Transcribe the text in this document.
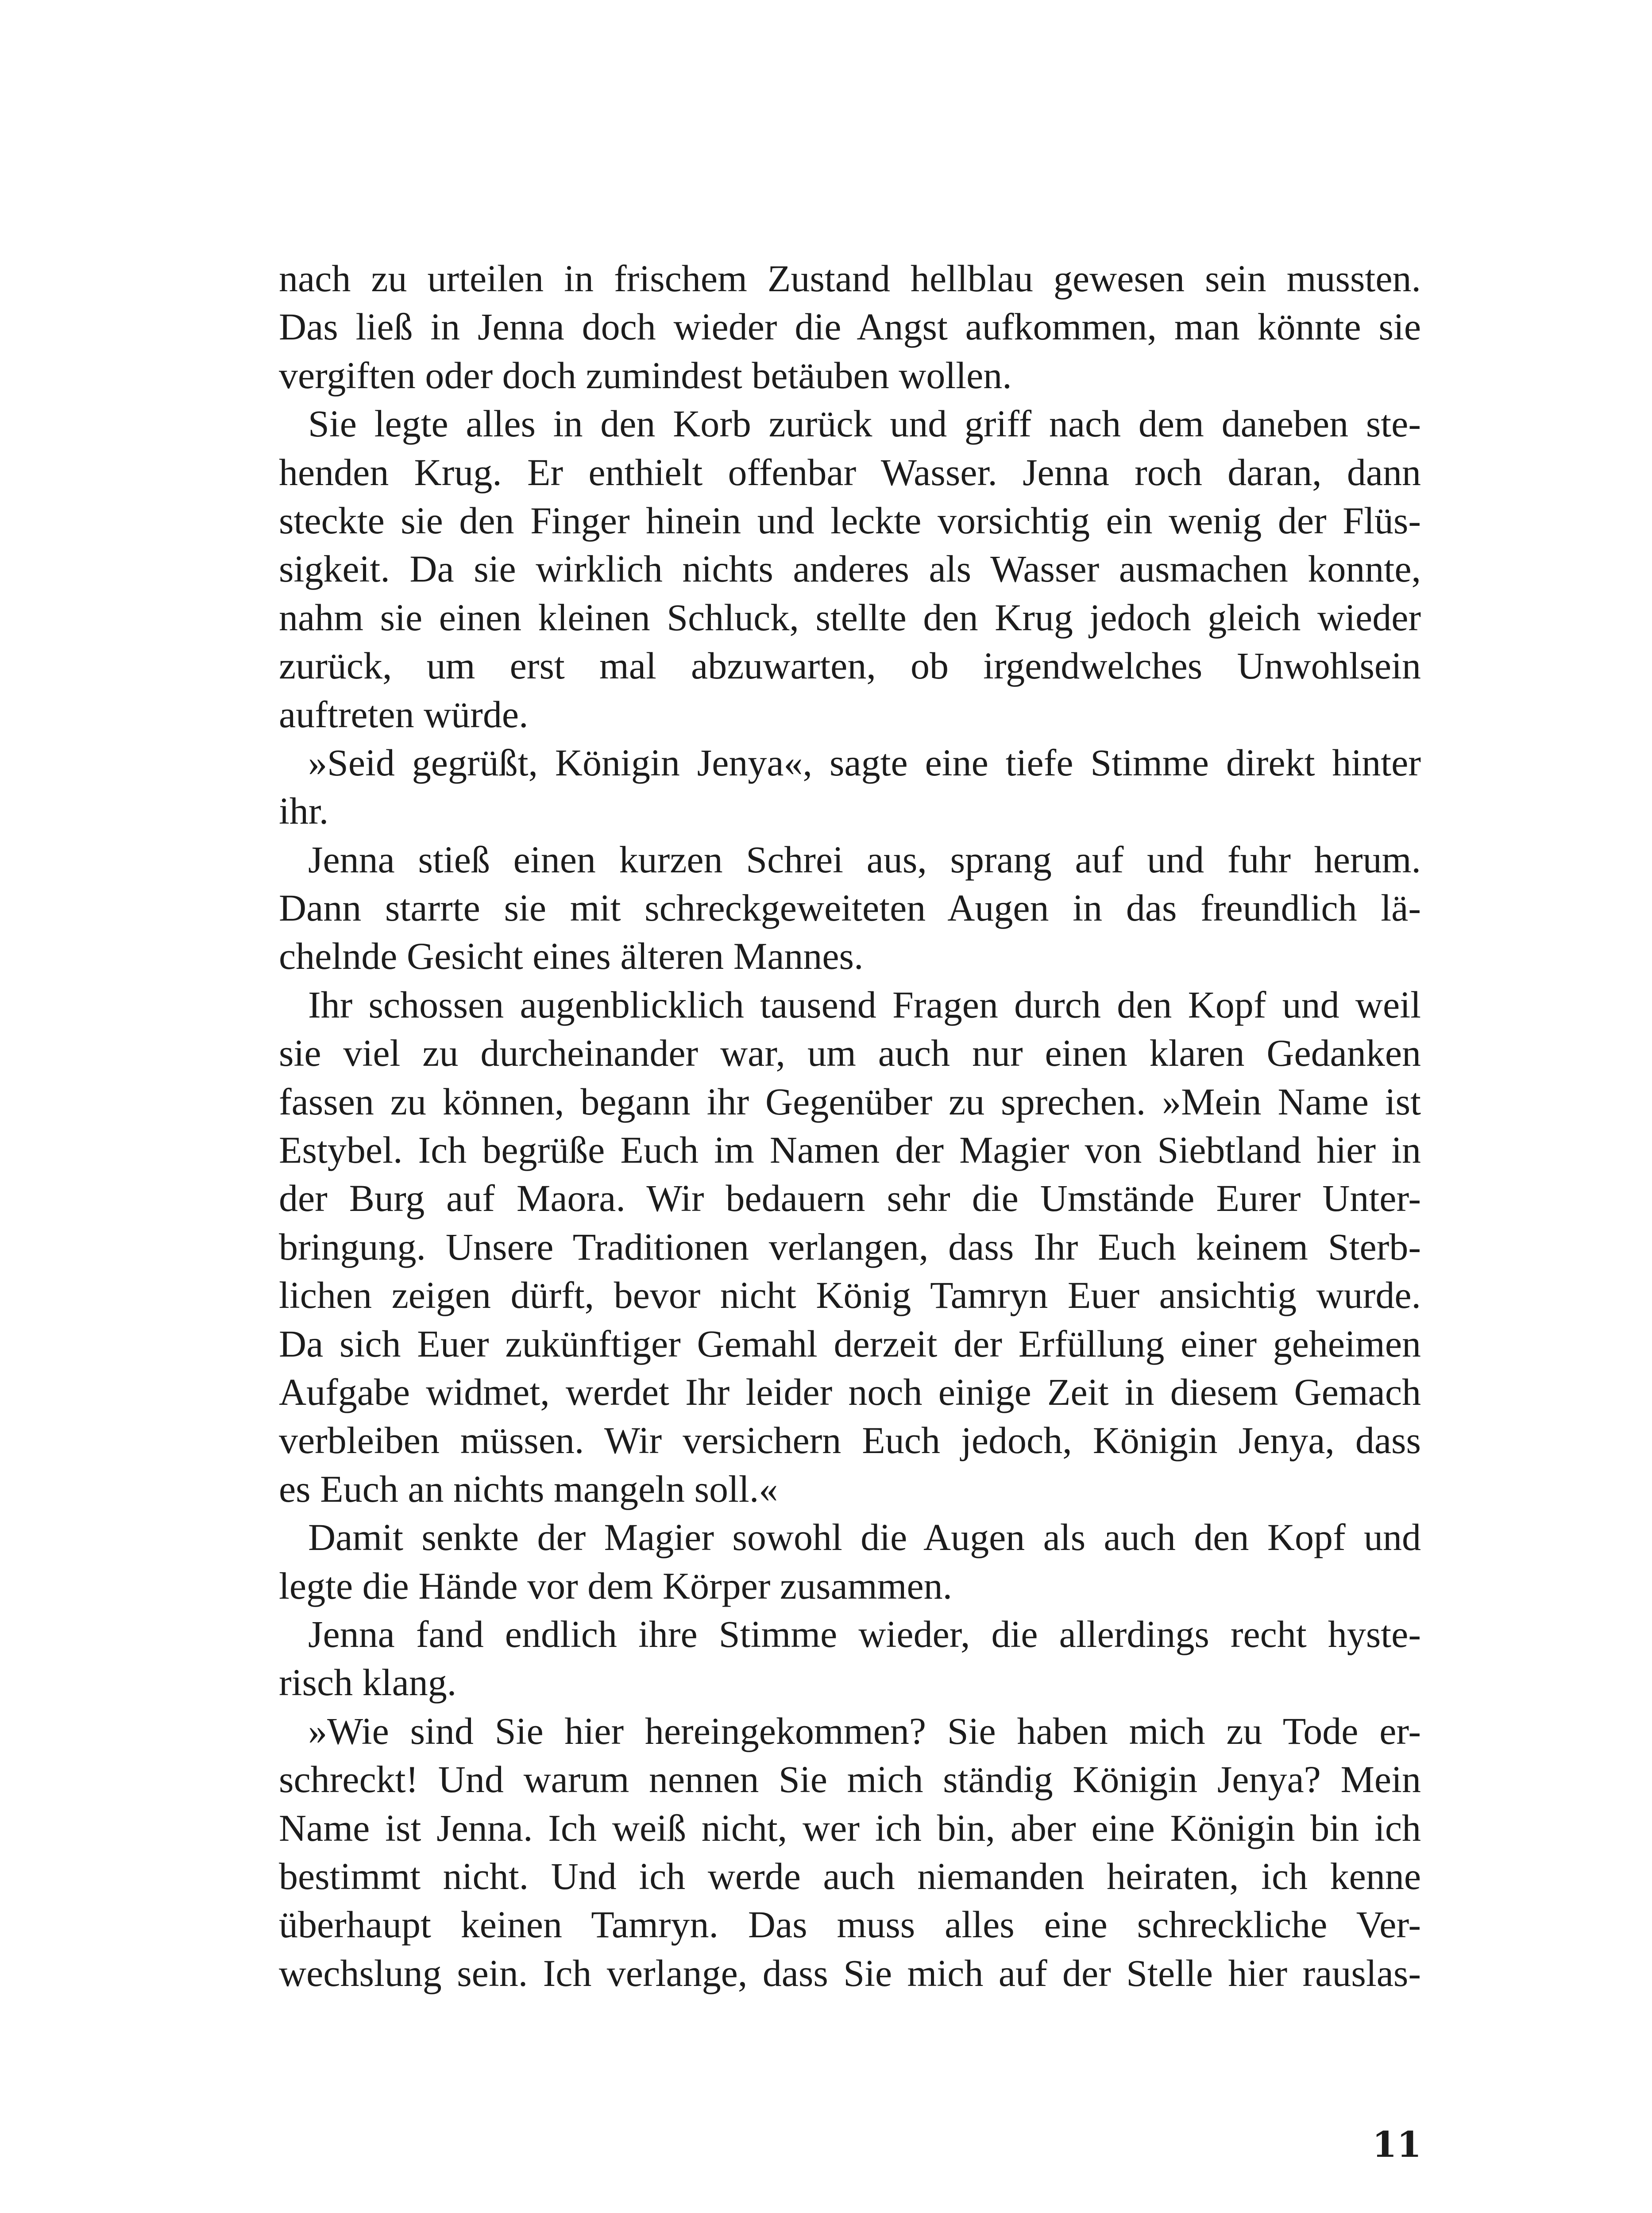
nach zu urteilen in frischem Zustand hellblau gewesen sein mussten.
Das ließ in Jenna doch wieder die Angst aufkommen, man könnte sie
vergiften oder doch zumindest betäuben wollen.
Sie legte alles in den Korb zurück und griff nach dem daneben ste-
henden Krug. Er enthielt offenbar Wasser. Jenna roch daran, dann
steckte sie den Finger hinein und leckte vorsichtig ein wenig der Flüs-
sigkeit. Da sie wirklich nichts anderes als Wasser ausmachen konnte,
nahm sie einen kleinen Schluck, stellte den Krug jedoch gleich wieder
zurück, um erst mal abzuwarten, ob irgendwelches Unwohlsein
auftreten würde.
»Seid gegrüßt, Königin Jenya«, sagte eine tiefe Stimme direkt hinter
ihr.
Jenna stieß einen kurzen Schrei aus, sprang auf und fuhr herum.
Dann starrte sie mit schreckgeweiteten Augen in das freundlich lä-
chelnde Gesicht eines älteren Mannes.
Ihr schossen augenblicklich tausend Fragen durch den Kopf und weil
sie viel zu durcheinander war, um auch nur einen klaren Gedanken
fassen zu können, begann ihr Gegenüber zu sprechen. »Mein Name ist
Estybel. Ich begrüße Euch im Namen der Magier von Siebtland hier in
der Burg auf Maora. Wir bedauern sehr die Umstände Eurer Unter-
bringung. Unsere Traditionen verlangen, dass Ihr Euch keinem Sterb-
lichen zeigen dürft, bevor nicht König Tamryn Euer ansichtig wurde.
Da sich Euer zukünftiger Gemahl derzeit der Erfüllung einer geheimen
Aufgabe widmet, werdet Ihr leider noch einige Zeit in diesem Gemach
verbleiben müssen. Wir versichern Euch jedoch, Königin Jenya, dass
es Euch an nichts mangeln soll.«
Damit senkte der Magier sowohl die Augen als auch den Kopf und
legte die Hände vor dem Körper zusammen.
Jenna fand endlich ihre Stimme wieder, die allerdings recht hyste-
risch klang.
»Wie sind Sie hier hereingekommen? Sie haben mich zu Tode er-
schreckt! Und warum nennen Sie mich ständig Königin Jenya? Mein
Name ist Jenna. Ich weiß nicht, wer ich bin, aber eine Königin bin ich
bestimmt nicht. Und ich werde auch niemanden heiraten, ich kenne
überhaupt keinen Tamryn. Das muss alles eine schreckliche Ver-
wechslung sein. Ich verlange, dass Sie mich auf der Stelle hier rauslas-
11
